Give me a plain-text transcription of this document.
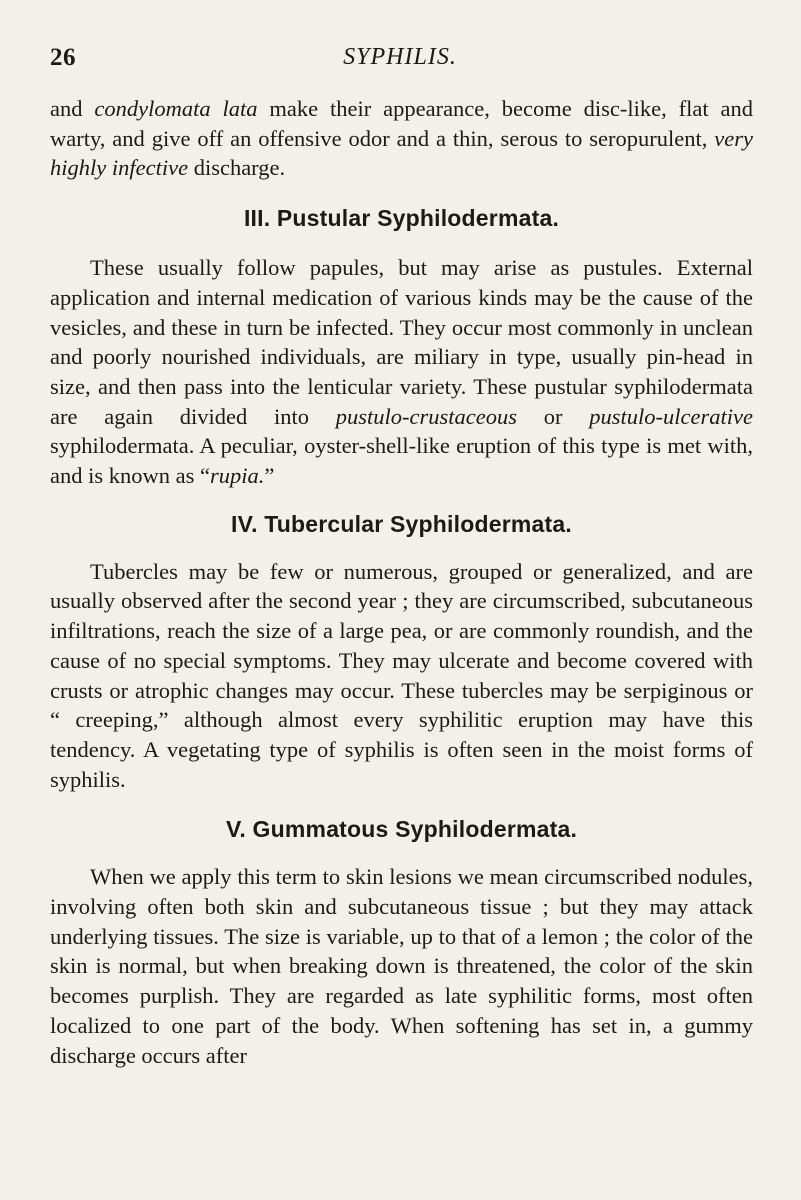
26	SYPHILIS.

and condylomata lata make their appearance, become disc-like, flat and warty, and give off an offensive odor and a thin, serous to seropurulent, very highly infective discharge.

III. Pustular Syphilodermata.

These usually follow papules, but may arise as pustules. External application and internal medication of various kinds may be the cause of the vesicles, and these in turn be infected. They occur most commonly in unclean and poorly nourished individuals, are miliary in type, usually pin-head in size, and then pass into the lenticular variety. These pustular syphilodermata are again divided into pustulo-crustaceous or pustulo-ulcerative syphilodermata. A peculiar, oyster-shell-like eruption of this type is met with, and is known as “rupia.”

IV. Tubercular Syphilodermata.

Tubercles may be few or numerous, grouped or generalized, and are usually observed after the second year ; they are circumscribed, subcutaneous infiltrations, reach the size of a large pea, or are commonly roundish, and the cause of no special symptoms. They may ulcerate and become covered with crusts or atrophic changes may occur. These tubercles may be serpiginous or “ creeping,” although almost every syphilitic eruption may have this tendency. A vegetating type of syphilis is often seen in the moist forms of syphilis.

V. Gummatous Syphilodermata.

When we apply this term to skin lesions we mean circumscribed nodules, involving often both skin and subcutaneous tissue ; but they may attack underlying tissues. The size is variable, up to that of a lemon ; the color of the skin is normal, but when breaking down is threatened, the color of the skin becomes purplish. They are regarded as late syphilitic forms, most often localized to one part of the body. When softening has set in, a gummy discharge occurs after
